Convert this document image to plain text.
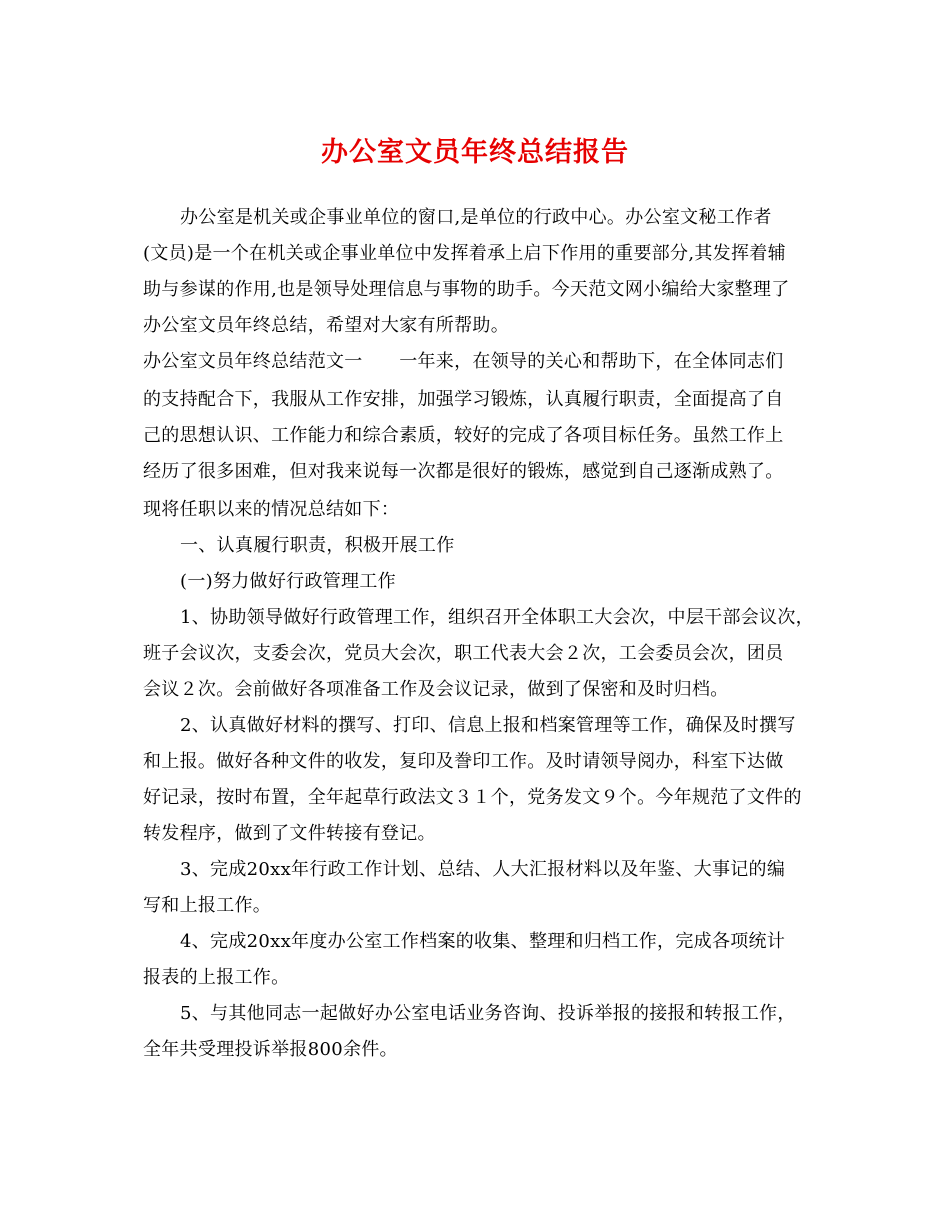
办公室文员年终总结报告

办公室是机关或企事业单位的窗口,是单位的行政中心。办公室文秘工作者

(文员)是一个在机关或企事业单位中发挥着承上启下作用的重要部分,其发挥着辅

助与参谋的作用,也是领导处理信息与事物的助手。今天范文网小编给大家整理了

办公室文员年终总结，希望对大家有所帮助。

办公室文员年终总结范文一　　一年来，在领导的关心和帮助下，在全体同志们

的支持配合下，我服从工作安排，加强学习锻炼，认真履行职责，全面提高了自

己的思想认识、工作能力和综合素质，较好的完成了各项目标任务。虽然工作上

经历了很多困难，但对我来说每一次都是很好的锻炼，感觉到自己逐渐成熟了。

现将任职以来的情况总结如下：

一、认真履行职责，积极开展工作

(一)努力做好行政管理工作

1、协助领导做好行政管理工作，组织召开全体职工大会次，中层干部会议次，

班子会议次，支委会次，党员大会次，职工代表大会２次，工会委员会次，团员

会议２次。会前做好各项准备工作及会议记录，做到了保密和及时归档。

2、认真做好材料的撰写、打印、信息上报和档案管理等工作，确保及时撰写

和上报。做好各种文件的收发，复印及誊印工作。及时请领导阅办，科室下达做

好记录，按时布置，全年起草行政法文３１个，党务发文９个。今年规范了文件的

转发程序，做到了文件转接有登记。

3、完成20xx年行政工作计划、总结、人大汇报材料以及年鉴、大事记的编

写和上报工作。

4、完成20xx年度办公室工作档案的收集、整理和归档工作，完成各项统计

报表的上报工作。

5、与其他同志一起做好办公室电话业务咨询、投诉举报的接报和转报工作，

全年共受理投诉举报800余件。
